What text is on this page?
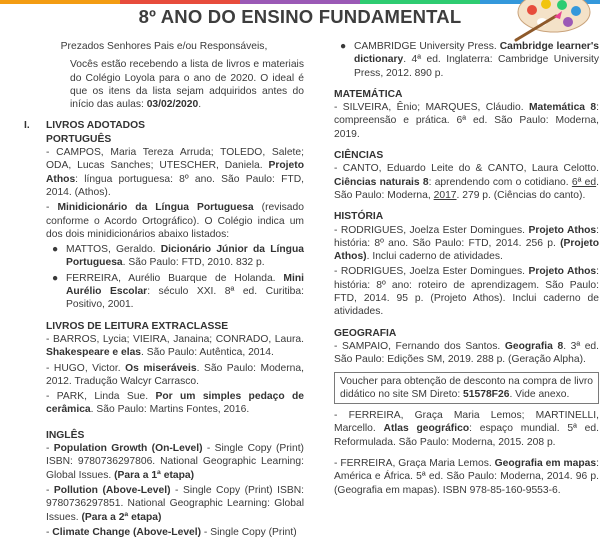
8º ANO DO ENSINO FUNDAMENTAL

Prezados Senhores Pais e/ou Responsáveis,

Vocês estão recebendo a lista de livros e materiais do Colégio Loyola para o ano de 2020. O ideal é que os itens da lista sejam adquiridos antes do início das aulas: 03/02/2020.

I. LIVROS ADOTADOS

PORTUGUÊS

- CAMPOS, Maria Tereza Arruda; TOLEDO, Salete; ODA, Lucas Sanches; UTESCHER, Daniela. Projeto Athos: língua portuguesa: 8º ano. São Paulo: FTD, 2014. (Athos).

- Minidicionário da Língua Portuguesa (revisado conforme o Acordo Ortográfico). O Colégio indica um dos dois minidicionários abaixo listados:

● MATTOS, Geraldo. Dicionário Júnior da Língua Portuguesa. São Paulo: FTD, 2010. 832 p.

● FERREIRA, Aurélio Buarque de Holanda. Mini Aurélio Escolar: século XXI. 8ª ed. Curitiba: Positivo, 2001.

LIVROS DE LEITURA EXTRACLASSE

- BARROS, Lycia; VIEIRA, Janaina; CONRADO, Laura. Shakespeare e elas. São Paulo: Autêntica, 2014.

- HUGO, Victor. Os miseráveis. São Paulo: Moderna, 2012. Tradução Walcyr Carrasco.

- PARK, Linda Sue. Por um simples pedaço de cerâmica. São Paulo: Martins Fontes, 2016.

INGLÊS

- Population Growth (On-Level) - Single Copy (Print) ISBN: 9780736297806. National Geographic Learning: Global Issues. (Para a 1ª etapa)

- Pollution (Above-Level) - Single Copy (Print) ISBN: 9780736297851. National Geographic Learning: Global Issues. (Para a 2ª etapa)

- Climate Change (Above-Level) - Single Copy (Print)

● CAMBRIDGE University Press. Cambridge learner's dictionary. 4ª ed. Inglaterra: Cambridge University Press, 2012. 890 p.

MATEMÁTICA

- SILVEIRA, Ênio; MARQUES, Cláudio. Matemática 8: compreensão e prática. 6ª ed. São Paulo: Moderna, 2019.

CIÊNCIAS

- CANTO, Eduardo Leite do & CANTO, Laura Celotto. Ciências naturais 8: aprendendo com o cotidiano. 6ª ed. São Paulo: Moderna, 2017. 279 p. (Ciências do canto).

HISTÓRIA

- RODRIGUES, Joelza Ester Domingues. Projeto Athos: história: 8º ano. São Paulo: FTD, 2014. 256 p. (Projeto Athos). Inclui caderno de atividades.

- RODRIGUES, Joelza Ester Domingues. Projeto Athos: história: 8º ano: roteiro de aprendizagem. São Paulo: FTD, 2014. 95 p. (Projeto Athos). Inclui caderno de atividades.

GEOGRAFIA

- SAMPAIO, Fernando dos Santos. Geografia 8. 3ª ed. São Paulo: Edições SM, 2019. 288 p. (Geração Alpha).

Voucher para obtenção de desconto na compra de livro didático no site SM Direto: 51578F26. Vide anexo.

- FERREIRA, Graça Maria Lemos; MARTINELLI, Marcello. Atlas geográfico: espaço mundial. 5ª ed. Reformulada. São Paulo: Moderna, 2015. 208 p.

- FERREIRA, Graça Maria Lemos. Geografia em mapas: América e África. 5ª ed. São Paulo: Moderna, 2014. 96 p. (Geografia em mapas). ISBN 978-85-160-9553-6.
